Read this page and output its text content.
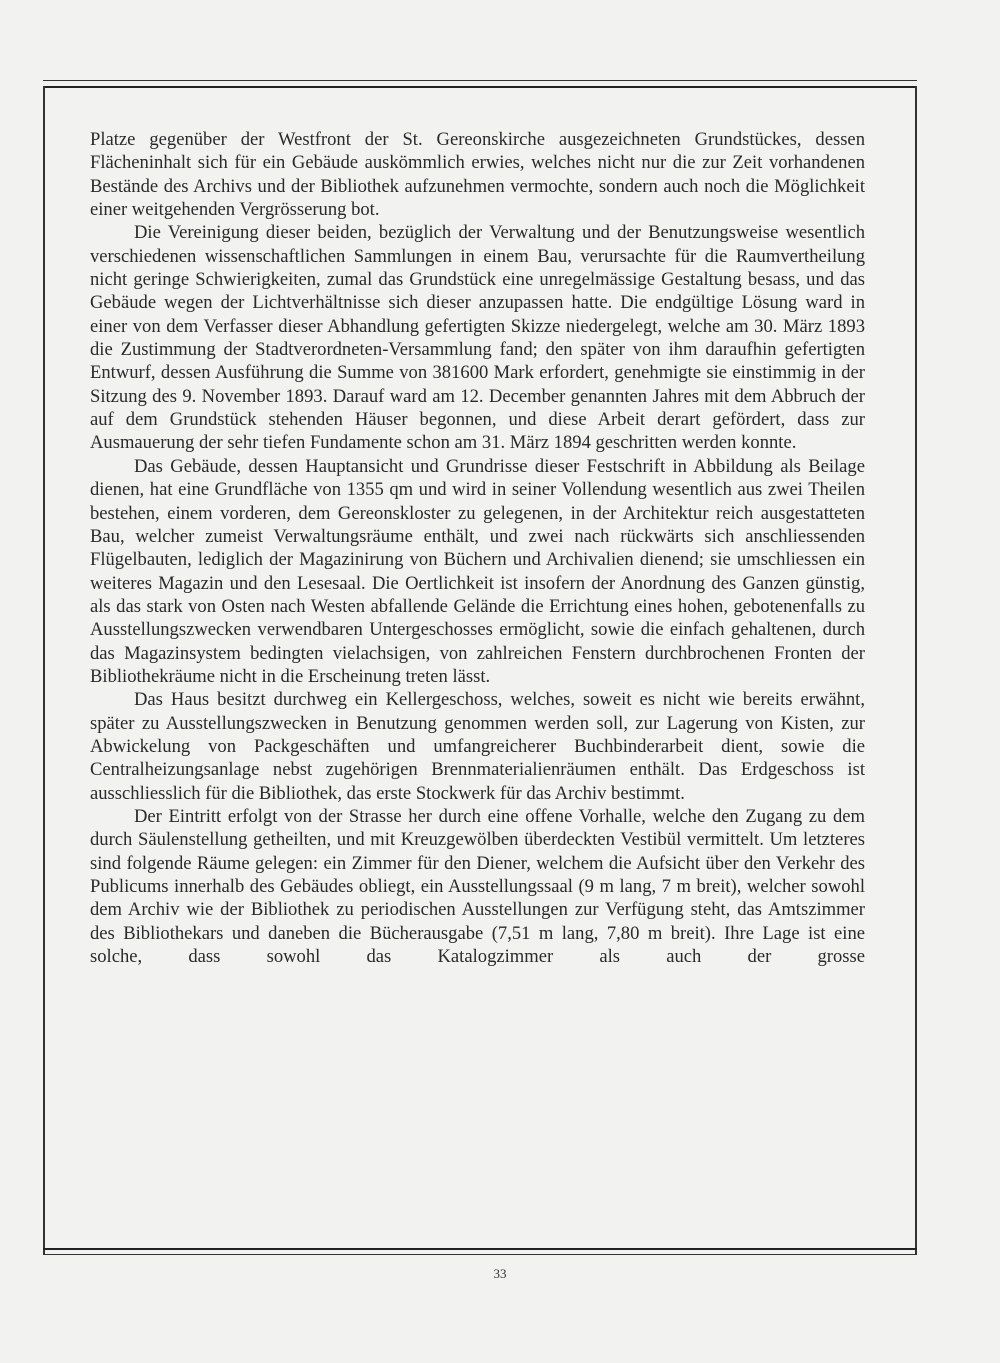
Platze gegenüber der Westfront der St. Gereonskirche ausgezeichneten Grundstückes, dessen Flächeninhalt sich für ein Gebäude auskömmlich erwies, welches nicht nur die zur Zeit vorhandenen Bestände des Archivs und der Bibliothek aufzunehmen vermochte, sondern auch noch die Möglichkeit einer weitgehenden Vergrösserung bot.

Die Vereinigung dieser beiden, bezüglich der Verwaltung und der Benutzungsweise wesentlich verschiedenen wissenschaftlichen Sammlungen in einem Bau, verursachte für die Raumvertheilung nicht geringe Schwierigkeiten, zumal das Grundstück eine unregelmässige Gestaltung besass, und das Gebäude wegen der Lichtverhältnisse sich dieser anzupassen hatte. Die endgültige Lösung ward in einer von dem Verfasser dieser Abhandlung gefertigten Skizze niedergelegt, welche am 30. März 1893 die Zustimmung der Stadtverordneten-Versammlung fand; den später von ihm daraufhin gefertigten Entwurf, dessen Ausführung die Summe von 381600 Mark erfordert, genehmigte sie einstimmig in der Sitzung des 9. November 1893. Darauf ward am 12. December genannten Jahres mit dem Abbruch der auf dem Grundstück stehenden Häuser begonnen, und diese Arbeit derart gefördert, dass zur Ausmauerung der sehr tiefen Fundamente schon am 31. März 1894 geschritten werden konnte.

Das Gebäude, dessen Hauptansicht und Grundrisse dieser Festschrift in Abbildung als Beilage dienen, hat eine Grundfläche von 1355 qm und wird in seiner Vollendung wesentlich aus zwei Theilen bestehen, einem vorderen, dem Gereonskloster zu gelegenen, in der Architektur reich ausgestatteten Bau, welcher zumeist Verwaltungsräume enthält, und zwei nach rückwärts sich anschliessenden Flügelbauten, lediglich der Magazinirung von Büchern und Archivalien dienend; sie umschliessen ein weiteres Magazin und den Lesesaal. Die Oertlichkeit ist insofern der Anordnung des Ganzen günstig, als das stark von Osten nach Westen abfallende Gelände die Errichtung eines hohen, gebotenenfalls zu Ausstellungszwecken verwendbaren Untergeschosses ermöglicht, sowie die einfach gehaltenen, durch das Magazinsystem bedingten vielachsigen, von zahlreichen Fenstern durchbrochenen Fronten der Bibliothekräume nicht in die Erscheinung treten lässt.

Das Haus besitzt durchweg ein Kellergeschoss, welches, soweit es nicht wie bereits erwähnt, später zu Ausstellungszwecken in Benutzung genommen werden soll, zur Lagerung von Kisten, zur Abwickelung von Packgeschäften und umfangreicherer Buchbinderarbeit dient, sowie die Centralheizungsanlage nebst zugehörigen Brennmaterialienräumen enthält. Das Erdgeschoss ist ausschliesslich für die Bibliothek, das erste Stockwerk für das Archiv bestimmt.

Der Eintritt erfolgt von der Strasse her durch eine offene Vorhalle, welche den Zugang zu dem durch Säulenstellung getheilten, und mit Kreuzgewölben überdeckten Vestibül vermittelt. Um letzteres sind folgende Räume gelegen: ein Zimmer für den Diener, welchem die Aufsicht über den Verkehr des Publicums innerhalb des Gebäudes obliegt, ein Ausstellungssaal (9 m lang, 7 m breit), welcher sowohl dem Archiv wie der Bibliothek zu periodischen Ausstellungen zur Verfügung steht, das Amtszimmer des Bibliothekars und daneben die Bücherausgabe (7,51 m lang, 7,80 m breit). Ihre Lage ist eine solche, dass sowohl das Katalogzimmer als auch der grosse

33
